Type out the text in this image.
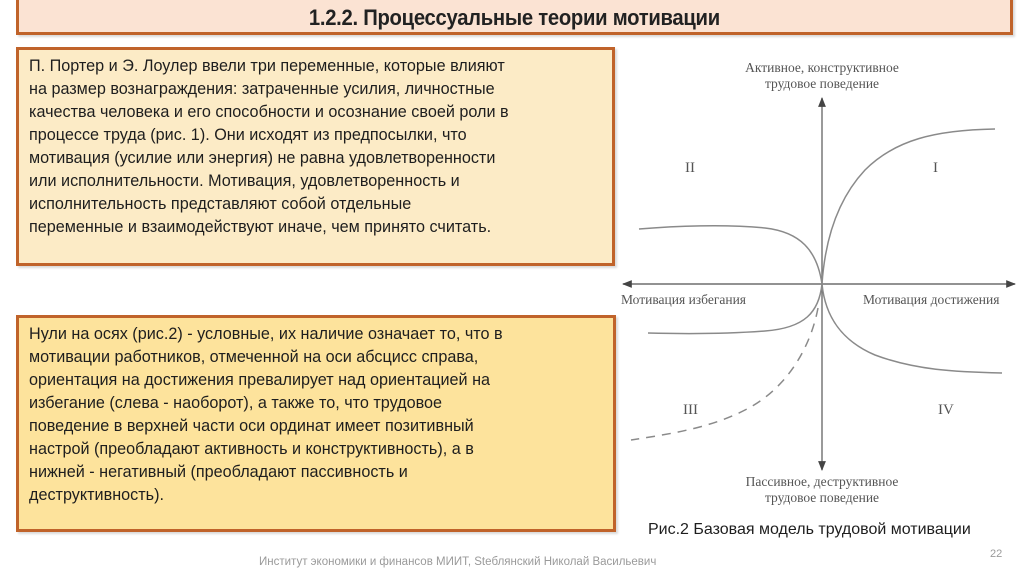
1.2.2. Процессуальные теории мотивации
П. Портер и Э. Лоулер ввели три переменные, которые влияют
на размер вознаграждения: затраченные усилия, личностные
качества человека и его способности и осознание своей роли в
процессе труда (рис. 1). Они исходят из предпосылки, что
мотивация (усилие или энергия) не равна удовлетворенности
или исполнительности. Мотивация, удовлетворенность и
исполнительность представляют собой отдельные
переменные и взаимодействуют иначе, чем принято считать.
Нули на осях (рис.2) - условные, их наличие означает то, что в
мотивации работников, отмеченной на оси абсцисс справа,
ориентация на достижения превалирует над ориентацией на
избегание (слева - наоборот), а также то, что трудовое
поведение в верхней части оси ординат имеет позитивный
настрой (преобладают активность и конструктивность), а в
нижней - негативный (преобладают пассивность и
деструктивность).
Активное, конструктивное
трудовое поведение
Пассивное, деструктивное
трудовое поведение
Мотивация избегания	Мотивация достижения
II	I
III	IV
Рис.2 Базовая модель трудовой мотивации
22
Институт экономики и финансов МИИТ, Steблянский Николай Васильевич
